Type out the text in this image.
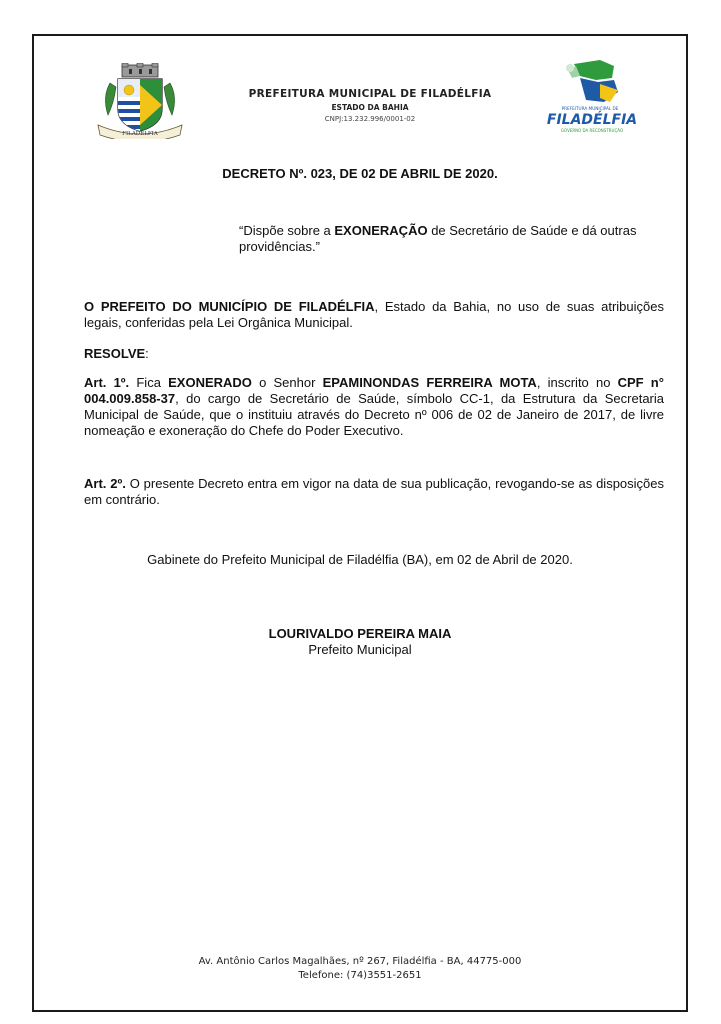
FILADÉLFIA
PREFEITURA MUNICIPAL DE FILADÉLFIA
ESTADO DA BAHIA
CNPJ:13.232.996/0001-02
PREFEITURA MUNICIPAL DE
FILADÉLFIA
GOVERNO DA RECONSTRUÇÃO
DECRETO Nº. 023, DE 02 DE ABRIL DE 2020.
“Dispõe sobre a EXONERAÇÃO de Secretário de Saúde e dá outras providências.”
O PREFEITO DO MUNICÍPIO DE FILADÉLFIA, Estado da Bahia, no uso de suas atribuições legais, conferidas pela Lei Orgânica Municipal.
RESOLVE:
Art. 1º. Fica EXONERADO o Senhor EPAMINONDAS FERREIRA MOTA, inscrito no CPF n° 004.009.858-37, do cargo de Secretário de Saúde, símbolo CC-1, da Estrutura da Secretaria Municipal de Saúde, que o instituiu através do Decreto nº 006 de 02 de Janeiro de 2017, de livre nomeação e exoneração do Chefe do Poder Executivo.
Art. 2º. O presente Decreto entra em vigor na data de sua publicação, revogando-se as disposições em contrário.
Gabinete do Prefeito Municipal de Filadélfia (BA), em 02 de Abril de 2020.
LOURIVALDO PEREIRA MAIA
Prefeito Municipal
Av. Antônio Carlos Magalhães, nº 267, Filadélfia - BA, 44775-000
Telefone: (74)3551-2651
